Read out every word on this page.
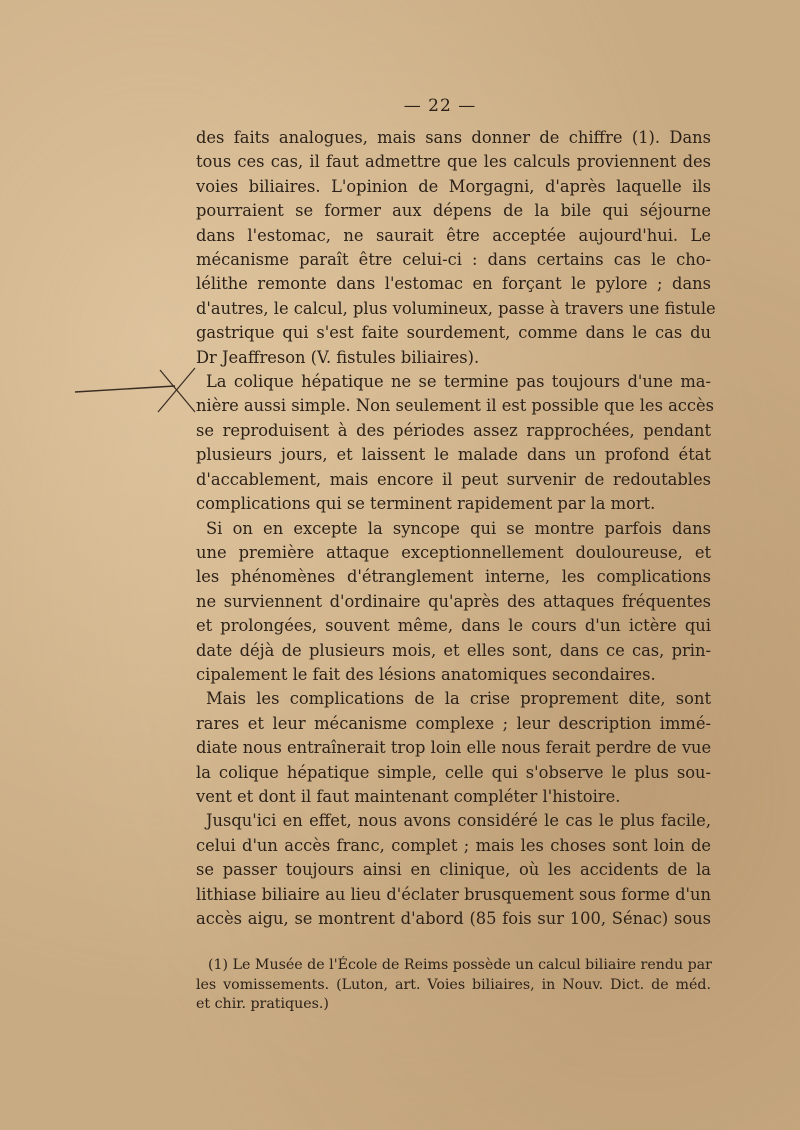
— 22 —
des faits analogues, mais sans donner de chiffre (1). Dans
tous ces cas, il faut admettre que les calculs proviennent des
voies biliaires. L'opinion de Morgagni, d'après laquelle ils
pourraient se former aux dépens de la bile qui séjourne
dans l'estomac, ne saurait être acceptée aujourd'hui. Le
mécanisme paraît être celui-ci : dans certains cas le cho-
lélithe remonte dans l'estomac en forçant le pylore ; dans
d'autres, le calcul, plus volumineux, passe à travers une fistule
gastrique qui s'est faite sourdement, comme dans le cas du
Dr Jeaffreson (V. fistules biliaires).
La colique hépatique ne se termine pas toujours d'une ma-
nière aussi simple. Non seulement il est possible que les accès
se reproduisent à des périodes assez rapprochées, pendant
plusieurs jours, et laissent le malade dans un profond état
d'accablement, mais encore il peut survenir de redoutables
complications qui se terminent rapidement par la mort.
Si on en excepte la syncope qui se montre parfois dans
une première attaque exceptionnellement douloureuse, et
les phénomènes d'étranglement interne, les complications
ne surviennent d'ordinaire qu'après des attaques fréquentes
et prolongées, souvent même, dans le cours d'un ictère qui
date déjà de plusieurs mois, et elles sont, dans ce cas, prin-
cipalement le fait des lésions anatomiques secondaires.
Mais les complications de la crise proprement dite, sont
rares et leur mécanisme complexe ; leur description immé-
diate nous entraînerait trop loin elle nous ferait perdre de vue
la colique hépatique simple, celle qui s'observe le plus sou-
vent et dont il faut maintenant compléter l'histoire.
Jusqu'ici en effet, nous avons considéré le cas le plus facile,
celui d'un accès franc, complet ; mais les choses sont loin de
se passer toujours ainsi en clinique, où les accidents de la
lithiase biliaire au lieu d'éclater brusquement sous forme d'un
accès aigu, se montrent d'abord (85 fois sur 100, Sénac) sous
(1) Le Musée de l'École de Reims possède un calcul biliaire rendu par
les vomissements. (Luton, art. Voies biliaires, in Nouv. Dict. de méd.
et chir. pratiques.)
